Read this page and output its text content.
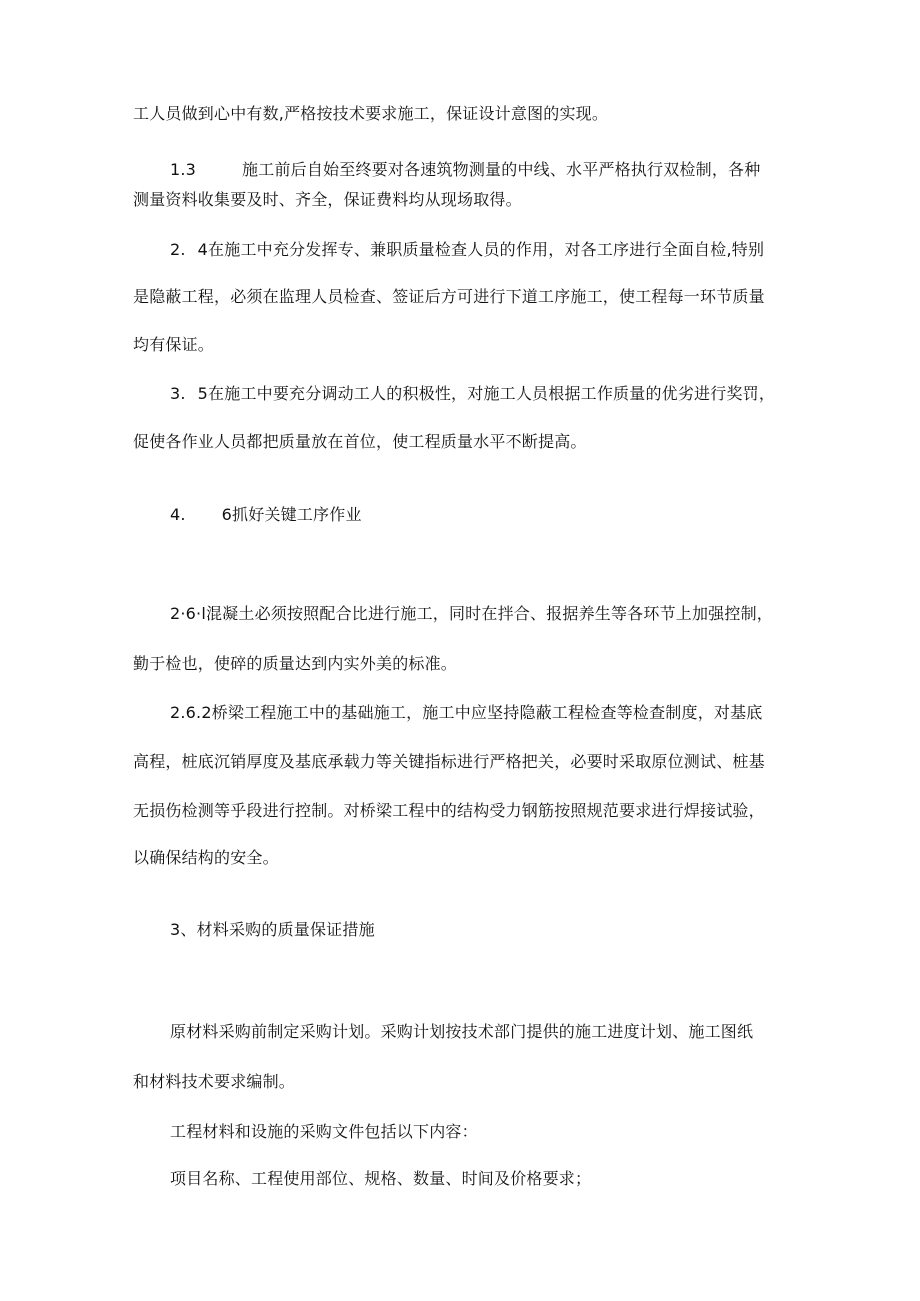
工人员做到心中有数,严格按技术要求施工，保证设计意图的实现。

1.3	施工前后自始至终要对各速筑物测量的中线、水平严格执行双检制，各种

测量资料收集要及时、齐全，保证费料均从现场取得。

2. 4在施工中充分发挥专、兼职质量检查人员的作用，对各工序进行全面自检,特别

是隐蔽工程，必须在监理人员检查、签证后方可进行下道工序施工，使工程每一环节质量

均有保证。

3. 5在施工中要充分调动工人的积极性，对施工人员根据工作质量的优劣进行奖罚，

促使各作业人员都把质量放在首位，使工程质量水平不断提高。

4. 6抓好关键工序作业

2·6·l混凝土必须按照配合比进行施工，同时在拌合、报据养生等各环节上加强控制，

勤于检也，使碎的质量达到内实外美的标准。

2.6.2桥梁工程施工中的基础施工，施工中应坚持隐蔽工程检查等检查制度，对基底

高程，桩底沉销厚度及基底承载力等关键指标进行严格把关，必要时采取原位测试、桩基

无损伤检测等乎段进行控制。对桥梁工程中的结构受力钢筋按照规范要求进行焊接试验，

以确保结构的安全。

3、材料采购的质量保证措施

原材料采购前制定采购计划。采购计划按技术部门提供的施工进度计划、施工图纸

和材料技术要求编制。

工程材料和设施的采购文件包括以下内容：

项目名称、工程使用部位、规格、数量、时间及价格要求；
